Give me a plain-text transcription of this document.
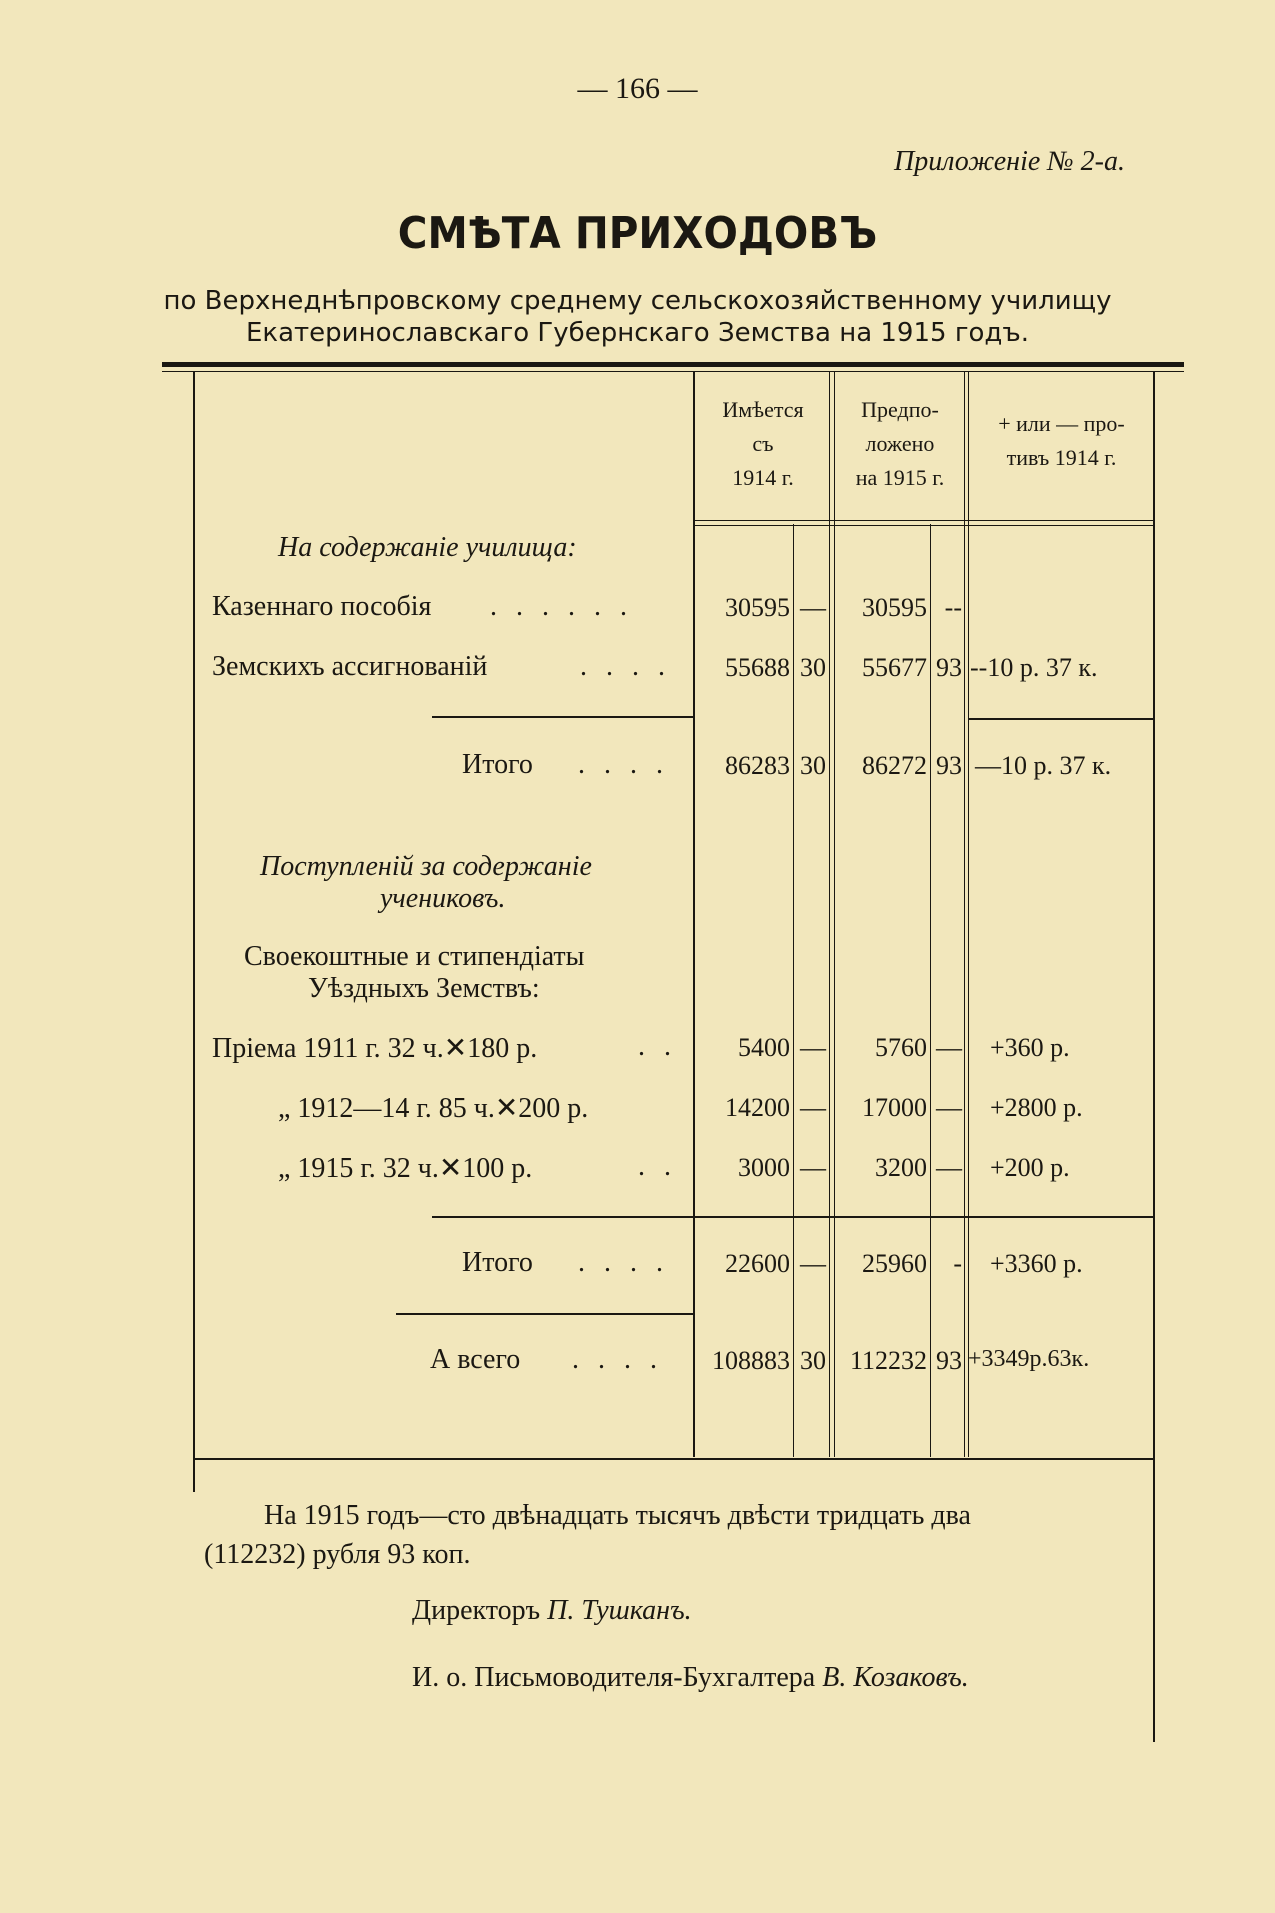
— 166 —
Приложенiе № 2-а.
СМѢТА ПРИХОДОВЪ
по Верхнеднѣпровскому среднему сельскохозяйственному училищу
Екатеринославскаго Губернскаго Земства на 1915 годъ.
Имѣется
съ
1914 г.
Предпо-
ложено
на 1915 г.
+ или — про-
тивъ 1914 г.
На содержанiе училища:
Казеннаго пособiя . . . . . .	30595 —	30595 --
Земскихъ ассигнованiй	. . . .	55688 30	55677 93 --10 р. 37 к.
Итого . . . .	86283 30	86272 93 —10 р. 37 к.
Поступленiй за содержанiе
учениковъ.
Своекоштные и стипендiаты
Уѣздныхъ Земствъ:
Прiема 1911 г. 32 ч.✕180 р.	. .	5400 —	5760 — +360 р.
„ 1912—14 г. 85 ч.✕200 р.	14200 —	17000 — +2800 р.
„ 1915 г. 32 ч.✕100 р.	. .	3000 —	3200 — +200 р.
Итого . . . .	22600 —	25960	- +3360 р.
А всего . . . .	108883 30 112232 93 +3349р.63к.
На 1915 годъ—сто двѣнадцать тысячъ двѣсти тридцать два
(112232) рубля 93 коп.
Директоръ П. Тушканъ.
И. о. Письмоводителя-Бухгалтера В. Козаковъ.
